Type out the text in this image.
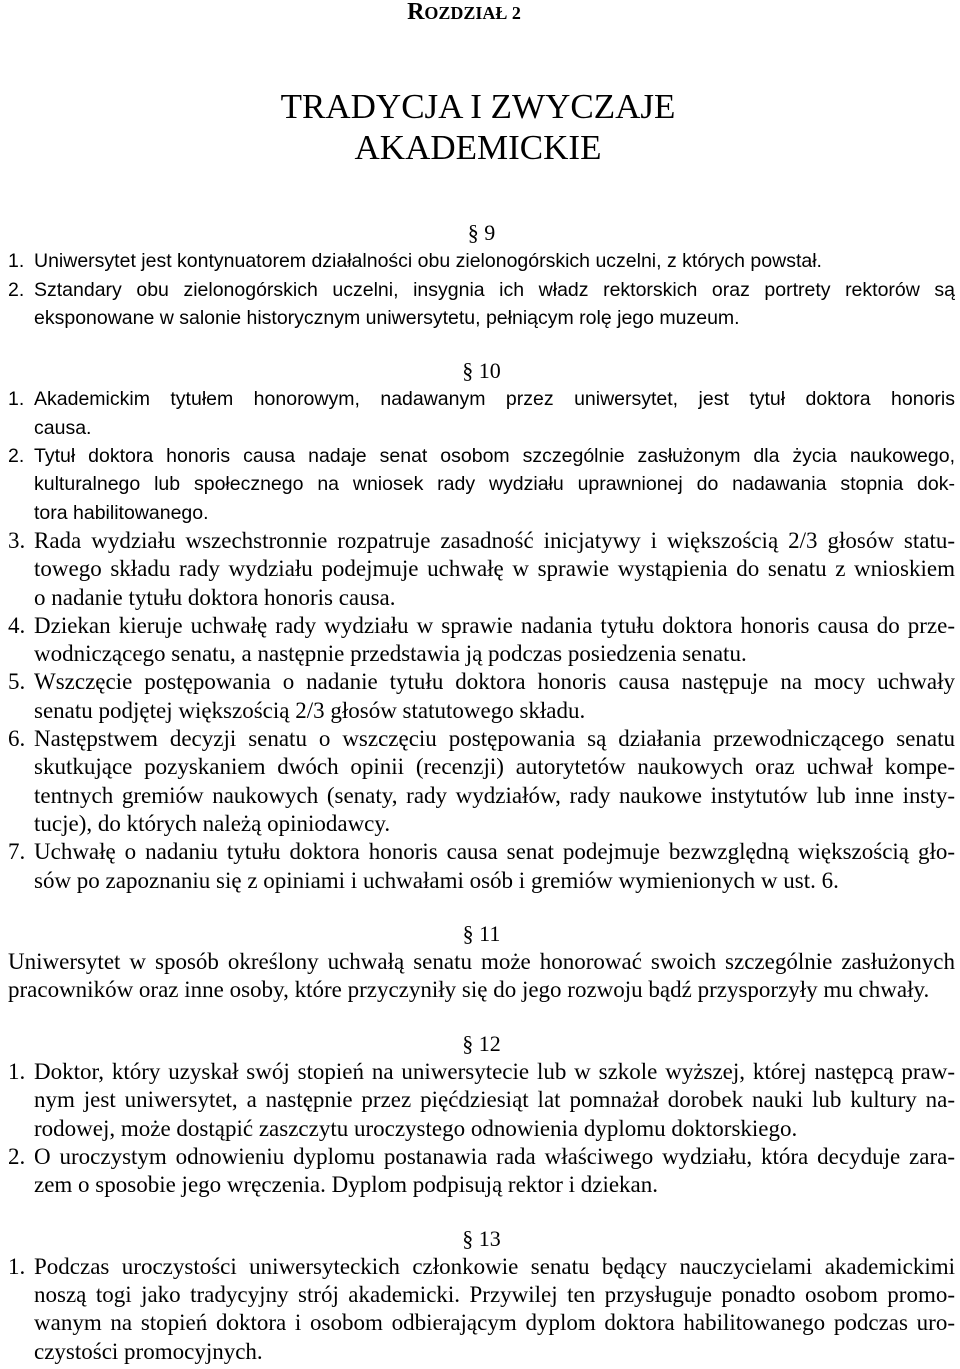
ROZDZIAŁ 2
TRADYCJA I ZWYCZAJE
AKADEMICKIE
§ 9
1. Uniwersytet jest kontynuatorem działalności obu zielonogórskich uczelni, z których powstał.
2. Sztandary obu zielonogórskich uczelni, insygnia ich władz rektorskich oraz portrety rektorów są
eksponowane w salonie historycznym uniwersytetu, pełniącym rolę jego muzeum.
§ 10
1. Akademickim tytułem honorowym, nadawanym przez uniwersytet, jest tytuł doktora honoris
causa.
2. Tytuł doktora honoris causa nadaje senat osobom szczególnie zasłużonym dla życia naukowego,
kulturalnego lub społecznego na wniosek rady wydziału uprawnionej do nadawania stopnia dok-
tora habilitowanego.
3. Rada wydziału wszechstronnie rozpatruje zasadność inicjatywy i większością 2/3 głosów statu-
towego składu rady wydziału podejmuje uchwałę w sprawie wystąpienia do senatu z wnioskiem
o nadanie tytułu doktora honoris causa.
4. Dziekan kieruje uchwałę rady wydziału w sprawie nadania tytułu doktora honoris causa do prze-
wodniczącego senatu, a następnie przedstawia ją podczas posiedzenia senatu.
5. Wszczęcie postępowania o nadanie tytułu doktora honoris causa następuje na mocy uchwały
senatu podjętej większością 2/3 głosów statutowego składu.
6. Następstwem decyzji senatu o wszczęciu postępowania są działania przewodniczącego senatu
skutkujące pozyskaniem dwóch opinii (recenzji) autorytetów naukowych oraz uchwał kompe-
tentnych gremiów naukowych (senaty, rady wydziałów, rady naukowe instytutów lub inne insty-
tucje), do których należą opiniodawcy.
7. Uchwałę o nadaniu tytułu doktora honoris causa senat podejmuje bezwzględną większością gło-
sów po zapoznaniu się z opiniami i uchwałami osób i gremiów wymienionych w ust. 6.
§ 11
Uniwersytet w sposób określony uchwałą senatu może honorować swoich szczególnie zasłużonych
pracowników oraz inne osoby, które przyczyniły się do jego rozwoju bądź przysporzyły mu chwały.
§ 12
1. Doktor, który uzyskał swój stopień na uniwersytecie lub w szkole wyższej, której następcą praw-
nym jest uniwersytet, a następnie przez pięćdziesiąt lat pomnażał dorobek nauki lub kultury na-
rodowej, może dostąpić zaszczytu uroczystego odnowienia dyplomu doktorskiego.
2. O uroczystym odnowieniu dyplomu postanawia rada właściwego wydziału, która decyduje zara-
zem o sposobie jego wręczenia. Dyplom podpisują rektor i dziekan.
§ 13
1. Podczas uroczystości uniwersyteckich członkowie senatu będący nauczycielami akademickimi
noszą togi jako tradycyjny strój akademicki. Przywilej ten przysługuje ponadto osobom promo-
wanym na stopień doktora i osobom odbierającym dyplom doktora habilitowanego podczas uro-
czystości promocyjnych.
